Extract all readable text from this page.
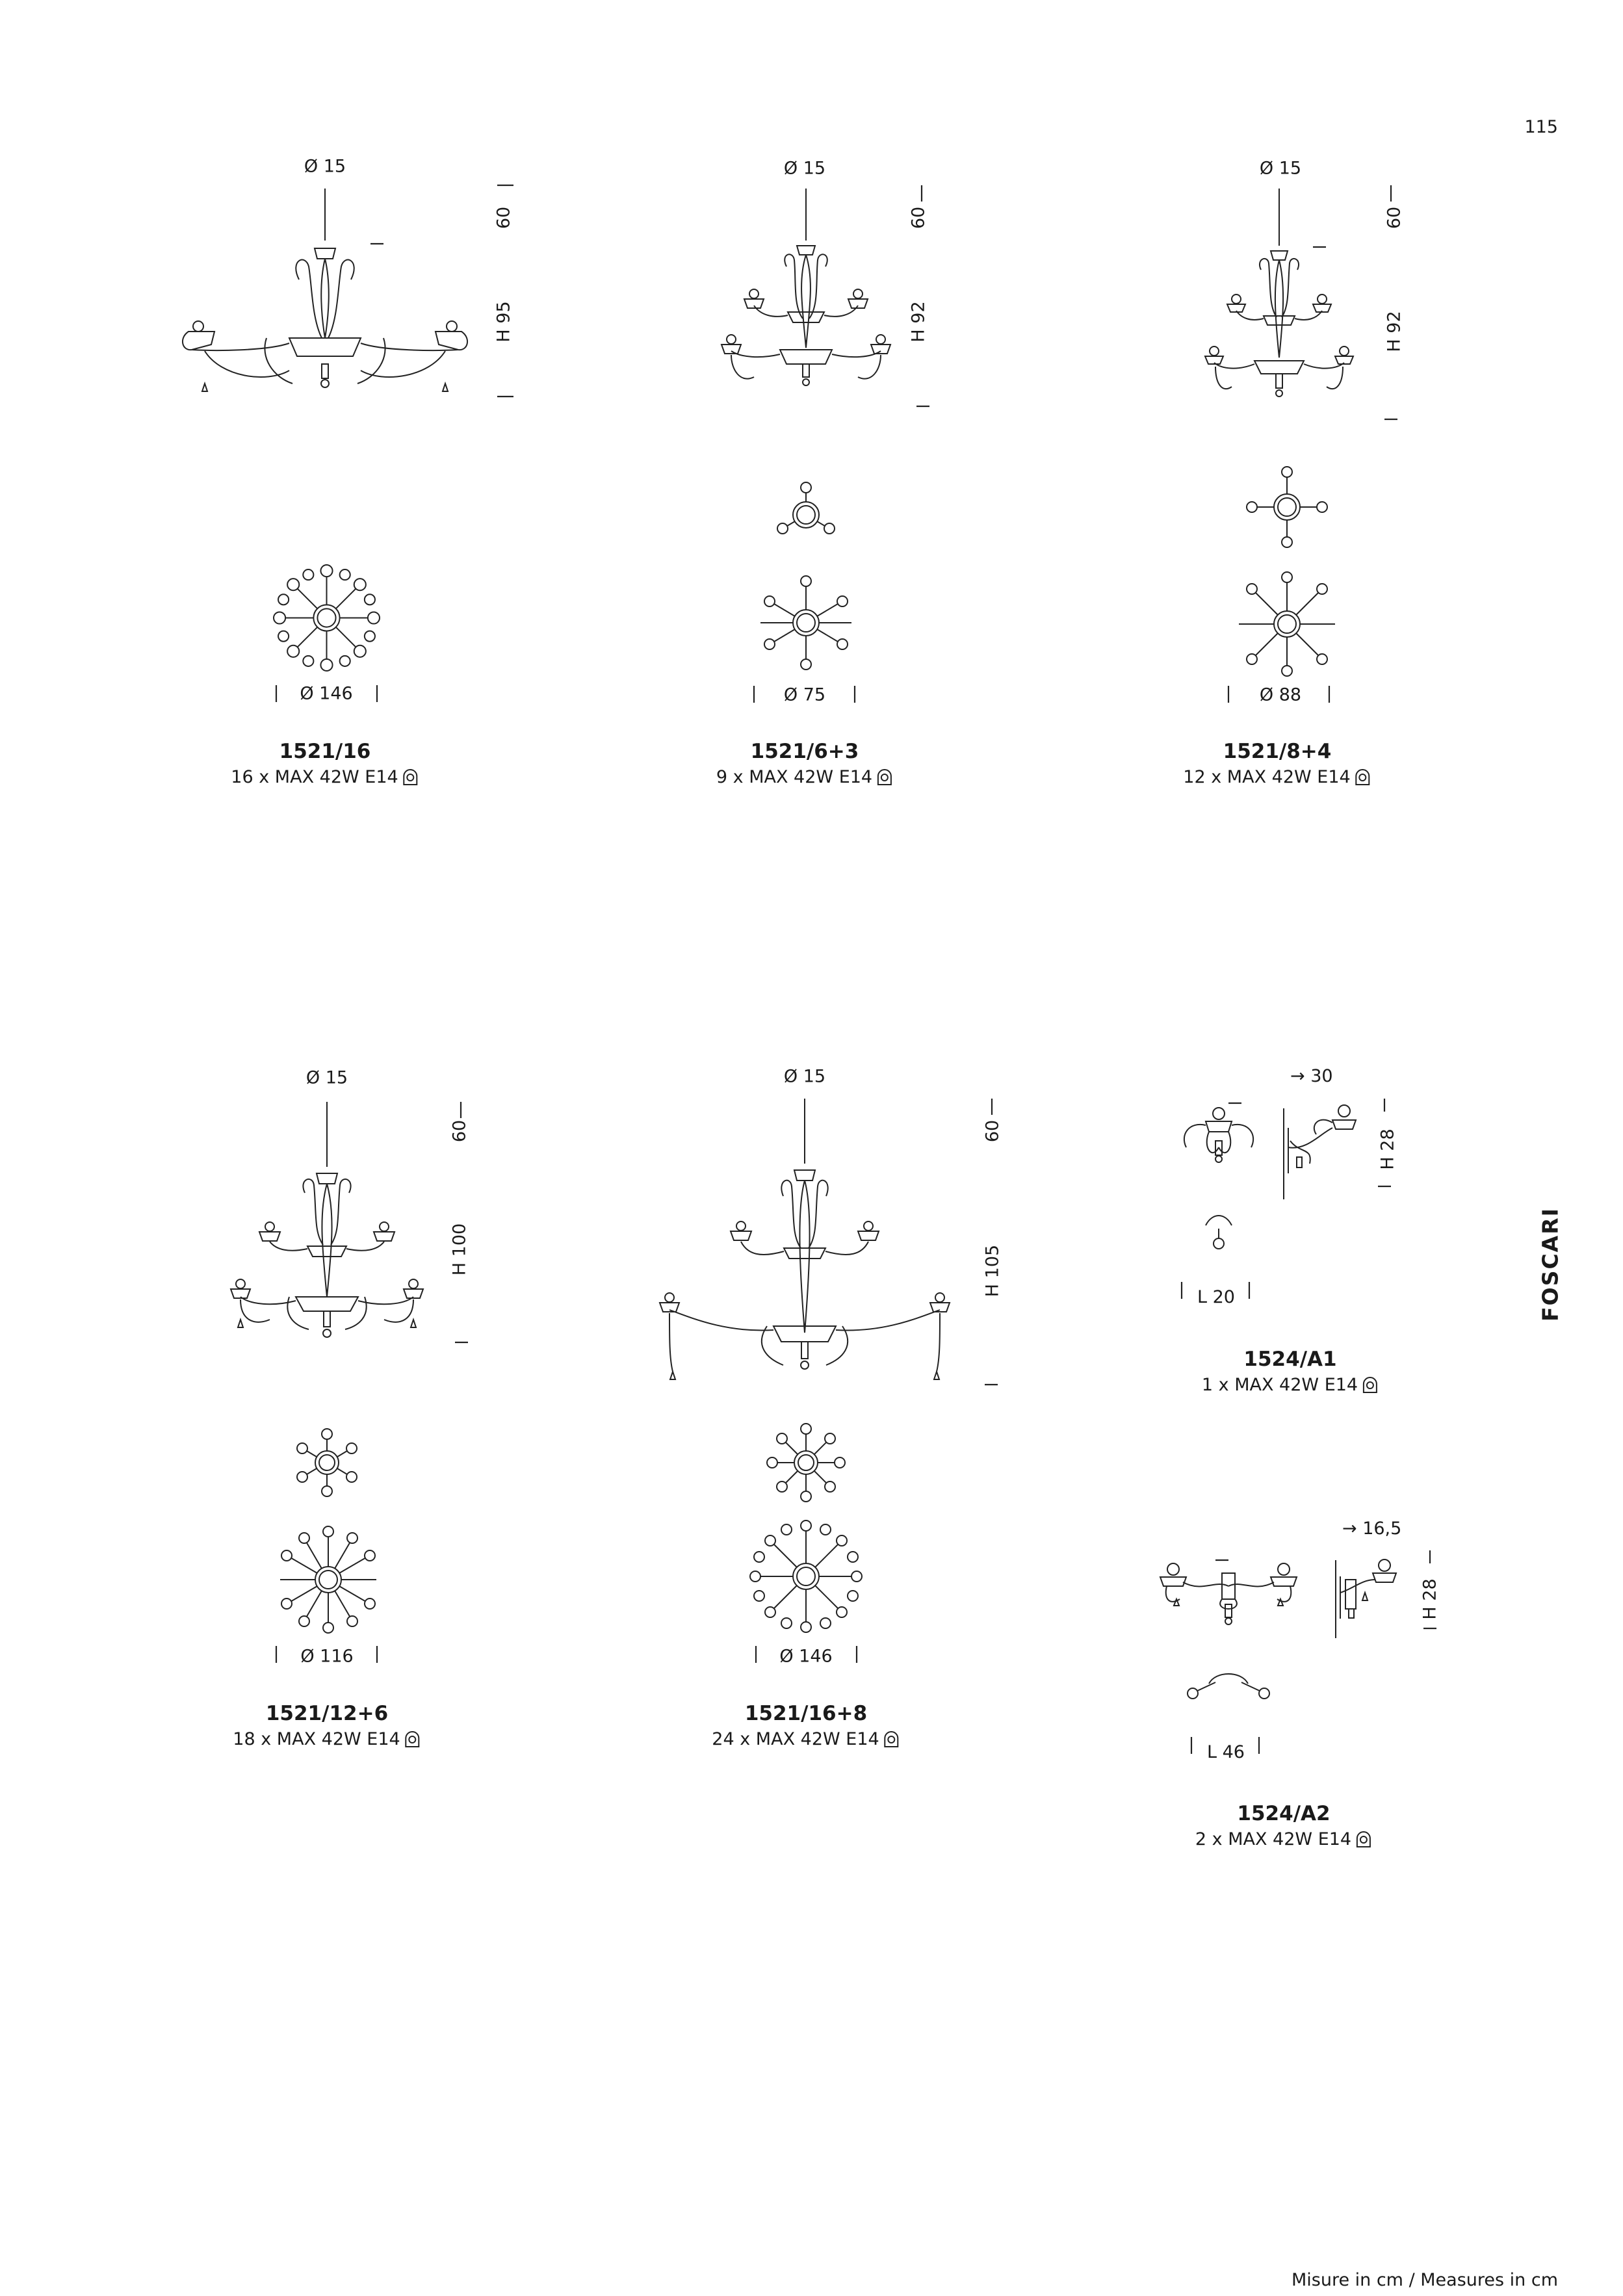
115
FOSCARI
Misure in cm / Measures in cm
Ø 15
60
H 95
Ø 146
1521/16
16 x MAX 42W E14
Ø 15
60
H 92
Ø 75
1521/6+3
9 x MAX 42W E14
Ø 15
60
H 92
Ø 88
1521/8+4
12 x MAX 42W E14
Ø 15
60
H 100
Ø 116
1521/12+6
18 x MAX 42W E14
Ø 15
60
H 105
Ø 146
1521/16+8
24 x MAX 42W E14
→ 30
H 28
L 20
1524/A1
1 x MAX 42W E14
→ 16,5
H 28
L 46
1524/A2
2 x MAX 42W E14
